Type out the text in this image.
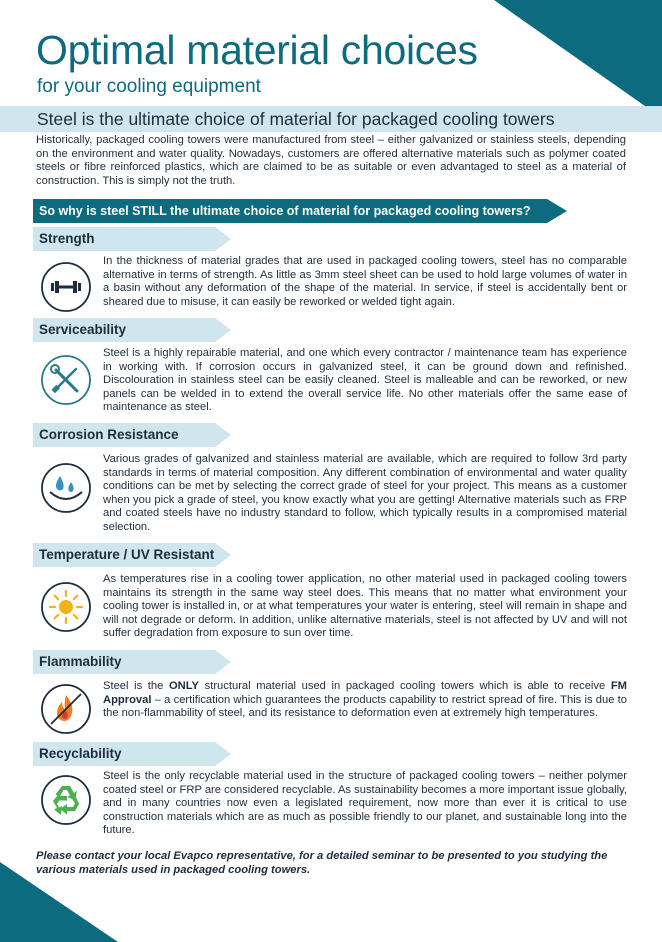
Optimal material choices
for your cooling equipment
Steel is the ultimate choice of material for packaged cooling towers

Historically, packaged cooling towers were manufactured from steel – either galvanized or stainless steels, depending on the environment and water quality. Nowadays, customers are offered alternative materials such as polymer coated steels or fibre reinforced plastics, which are claimed to be as suitable or even advantaged to steel as a material of construction. This is simply not the truth.

So why is steel STILL the ultimate choice of material for packaged cooling towers?
Strength

In the thickness of material grades that are used in packaged cooling towers, steel has no comparable alternative in terms of strength. As little as 3mm steel sheet can be used to hold large volumes of water in a basin without any deformation of the shape of the material. In service, if steel is accidentally bent or sheared due to misuse, it can easily be reworked or welded tight again.

Serviceability

Steel is a highly repairable material, and one which every contractor / maintenance team has experience in working with. If corrosion occurs in galvanized steel, it can be ground down and refinished. Discolouration in stainless steel can be easily cleaned. Steel is malleable and can be reworked, or new panels can be welded in to extend the overall service life. No other materials offer the same ease of maintenance as steel.

Corrosion Resistance

Various grades of galvanized and stainless material are available, which are required to follow 3rd party standards in terms of material composition. Any different combination of environmental and water quality conditions can be met by selecting the correct grade of steel for your project. This means as a customer when you pick a grade of steel, you know exactly what you are getting! Alternative materials such as FRP and coated steels have no industry standard to follow, which typically results in a compromised material selection.

Temperature / UV Resistant

As temperatures rise in a cooling tower application, no other material used in packaged cooling towers maintains its strength in the same way steel does. This means that no matter what environment your cooling tower is installed in, or at what temperatures your water is entering, steel will remain in shape and will not degrade or deform. In addition, unlike alternative materials, steel is not affected by UV and will not suffer degradation from exposure to sun over time.

Flammability

Steel is the ONLY structural material used in packaged cooling towers which is able to receive FM Approval – a certification which guarantees the products capability to restrict spread of fire. This is due to the non-flammability of steel, and its resistance to deformation even at extremely high temperatures.

Recyclability

Steel is the only recyclable material used in the structure of packaged cooling towers – neither polymer coated steel or FRP are considered recyclable. As sustainability becomes a more important issue globally, and in many countries now even a legislated requirement, now more than ever it is critical to use construction materials which are as much as possible friendly to our planet, and sustainable long into the future.

Please contact your local Evapco representative, for a detailed seminar to be presented to you studying the various materials used in packaged cooling towers.
